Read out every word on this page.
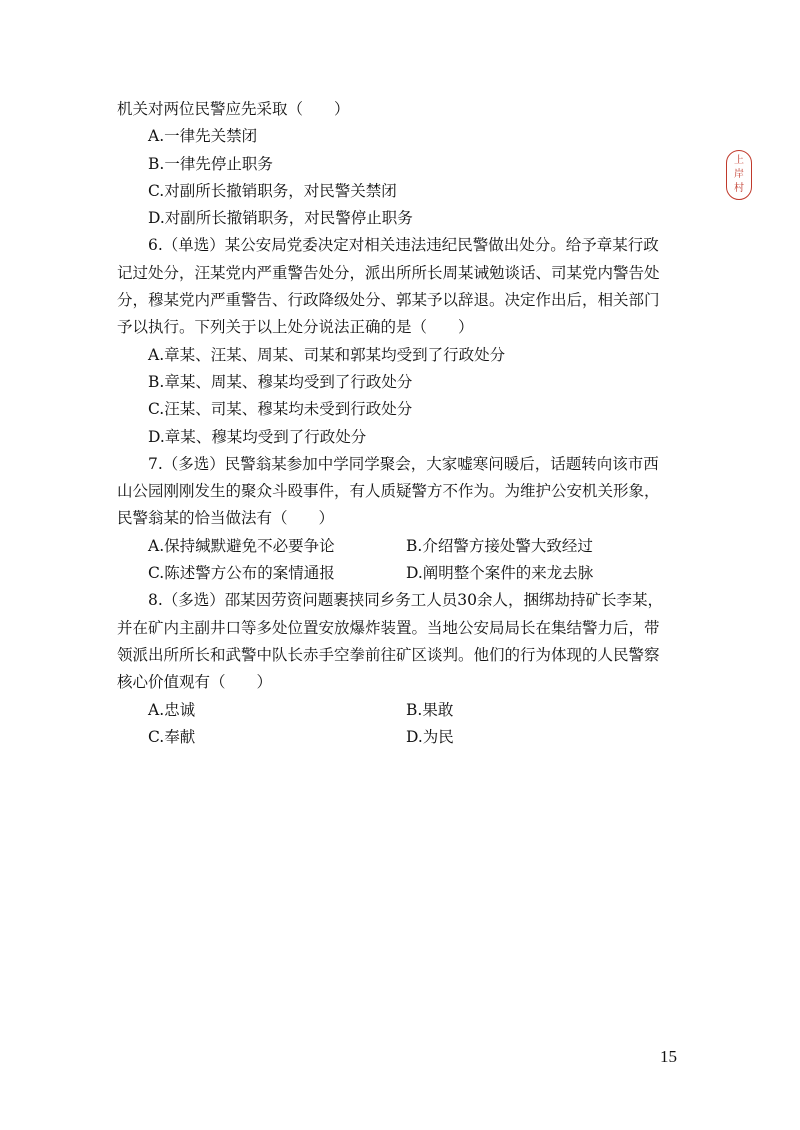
上
岸
村
机关对两位民警应先采取（　　）
A.一律先关禁闭
B.一律先停止职务
C.对副所长撤销职务，对民警关禁闭
D.对副所长撤销职务，对民警停止职务
6.（单选）某公安局党委决定对相关违法违纪民警做出处分。给予章某行政
记过处分，汪某党内严重警告处分，派出所所长周某诫勉谈话、司某党内警告处
分，穆某党内严重警告、行政降级处分、郭某予以辞退。决定作出后，相关部门
予以执行。下列关于以上处分说法正确的是（　　）
A.章某、汪某、周某、司某和郭某均受到了行政处分
B.章某、周某、穆某均受到了行政处分
C.汪某、司某、穆某均未受到行政处分
D.章某、穆某均受到了行政处分
7.（多选）民警翁某参加中学同学聚会，大家嘘寒问暖后，话题转向该市西
山公园刚刚发生的聚众斗殴事件，有人质疑警方不作为。为维护公安机关形象，
民警翁某的恰当做法有（　　）
A.保持缄默避免不必要争论	B.介绍警方接处警大致经过
C.陈述警方公布的案情通报	D.阐明整个案件的来龙去脉
8.（多选）邵某因劳资问题裹挟同乡务工人员30余人，捆绑劫持矿长李某，
并在矿内主副井口等多处位置安放爆炸装置。当地公安局局长在集结警力后，带
领派出所所长和武警中队长赤手空拳前往矿区谈判。他们的行为体现的人民警察
核心价值观有（　　）
A.忠诚	B.果敢
C.奉献	D.为民
15
